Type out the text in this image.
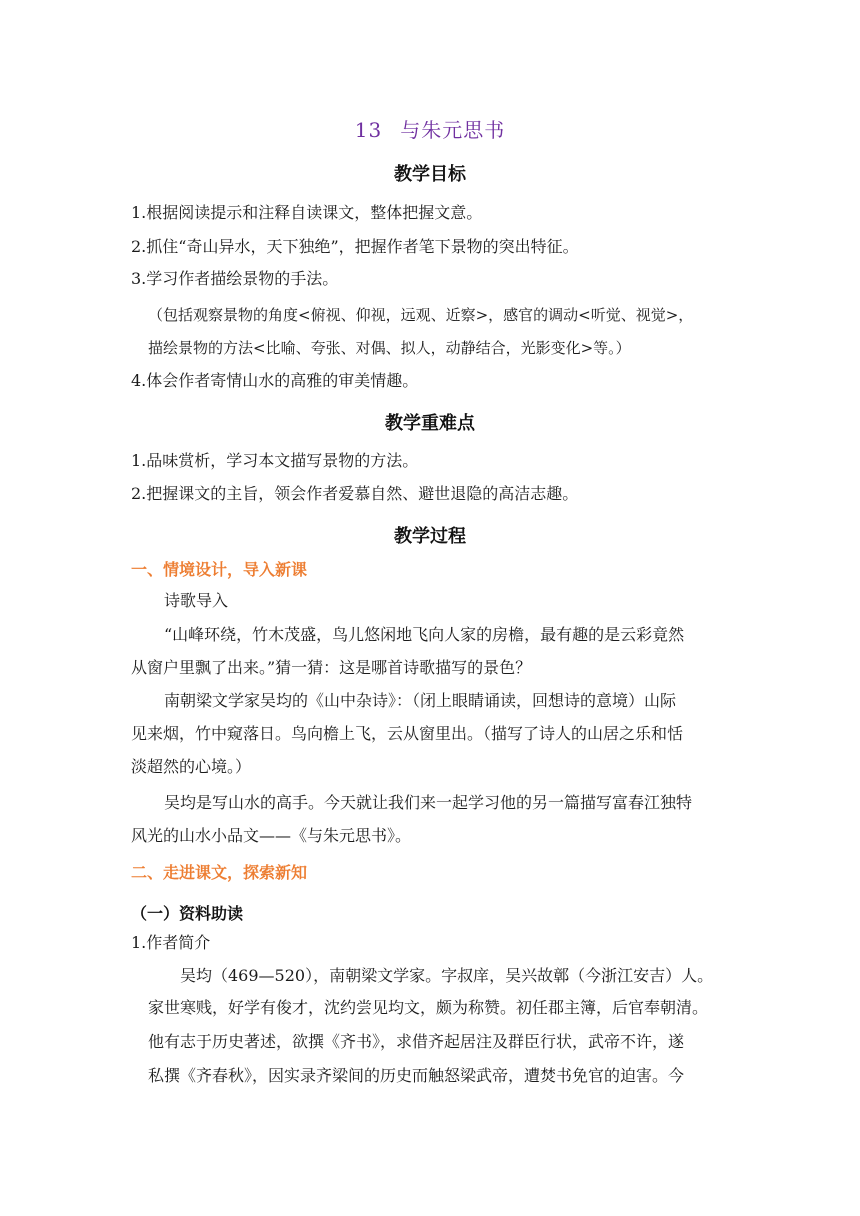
13 与朱元思书
教学目标
1.根据阅读提示和注释自读课文，整体把握文意。
2.抓住“奇山异水，天下独绝”，把握作者笔下景物的突出特征。
3.学习作者描绘景物的手法。
（包括观察景物的角度<俯视、仰视，远观、近察>，感官的调动<听觉、视觉>，
描绘景物的方法<比喻、夸张、对偶、拟人，动静结合，光影变化>等。）
4.体会作者寄情山水的高雅的审美情趣。
教学重难点
1.品味赏析，学习本文描写景物的方法。
2.把握课文的主旨，领会作者爱慕自然、避世退隐的高洁志趣。
教学过程
一、情境设计，导入新课
诗歌导入
“山峰环绕，竹木茂盛，鸟儿悠闲地飞向人家的房檐，最有趣的是云彩竟然
从窗户里飘了出来。”猜一猜：这是哪首诗歌描写的景色？
南朝梁文学家吴均的《山中杂诗》：（闭上眼睛诵读，回想诗的意境）山际
见来烟，竹中窥落日。鸟向檐上飞，云从窗里出。（描写了诗人的山居之乐和恬
淡超然的心境。）
吴均是写山水的高手。今天就让我们来一起学习他的另一篇描写富春江独特
风光的山水小品文——《与朱元思书》。
二、走进课文，探索新知
（一）资料助读
1.作者简介
吴均（469—520），南朝梁文学家。字叔庠，吴兴故鄣（今浙江安吉）人。
家世寒贱，好学有俊才，沈约尝见均文，颇为称赞。初任郡主簿，后官奉朝清。
他有志于历史著述，欲撰《齐书》，求借齐起居注及群臣行状，武帝不许，遂
私撰《齐春秋》，因实录齐梁间的历史而触怒梁武帝，遭焚书免官的迫害。今
